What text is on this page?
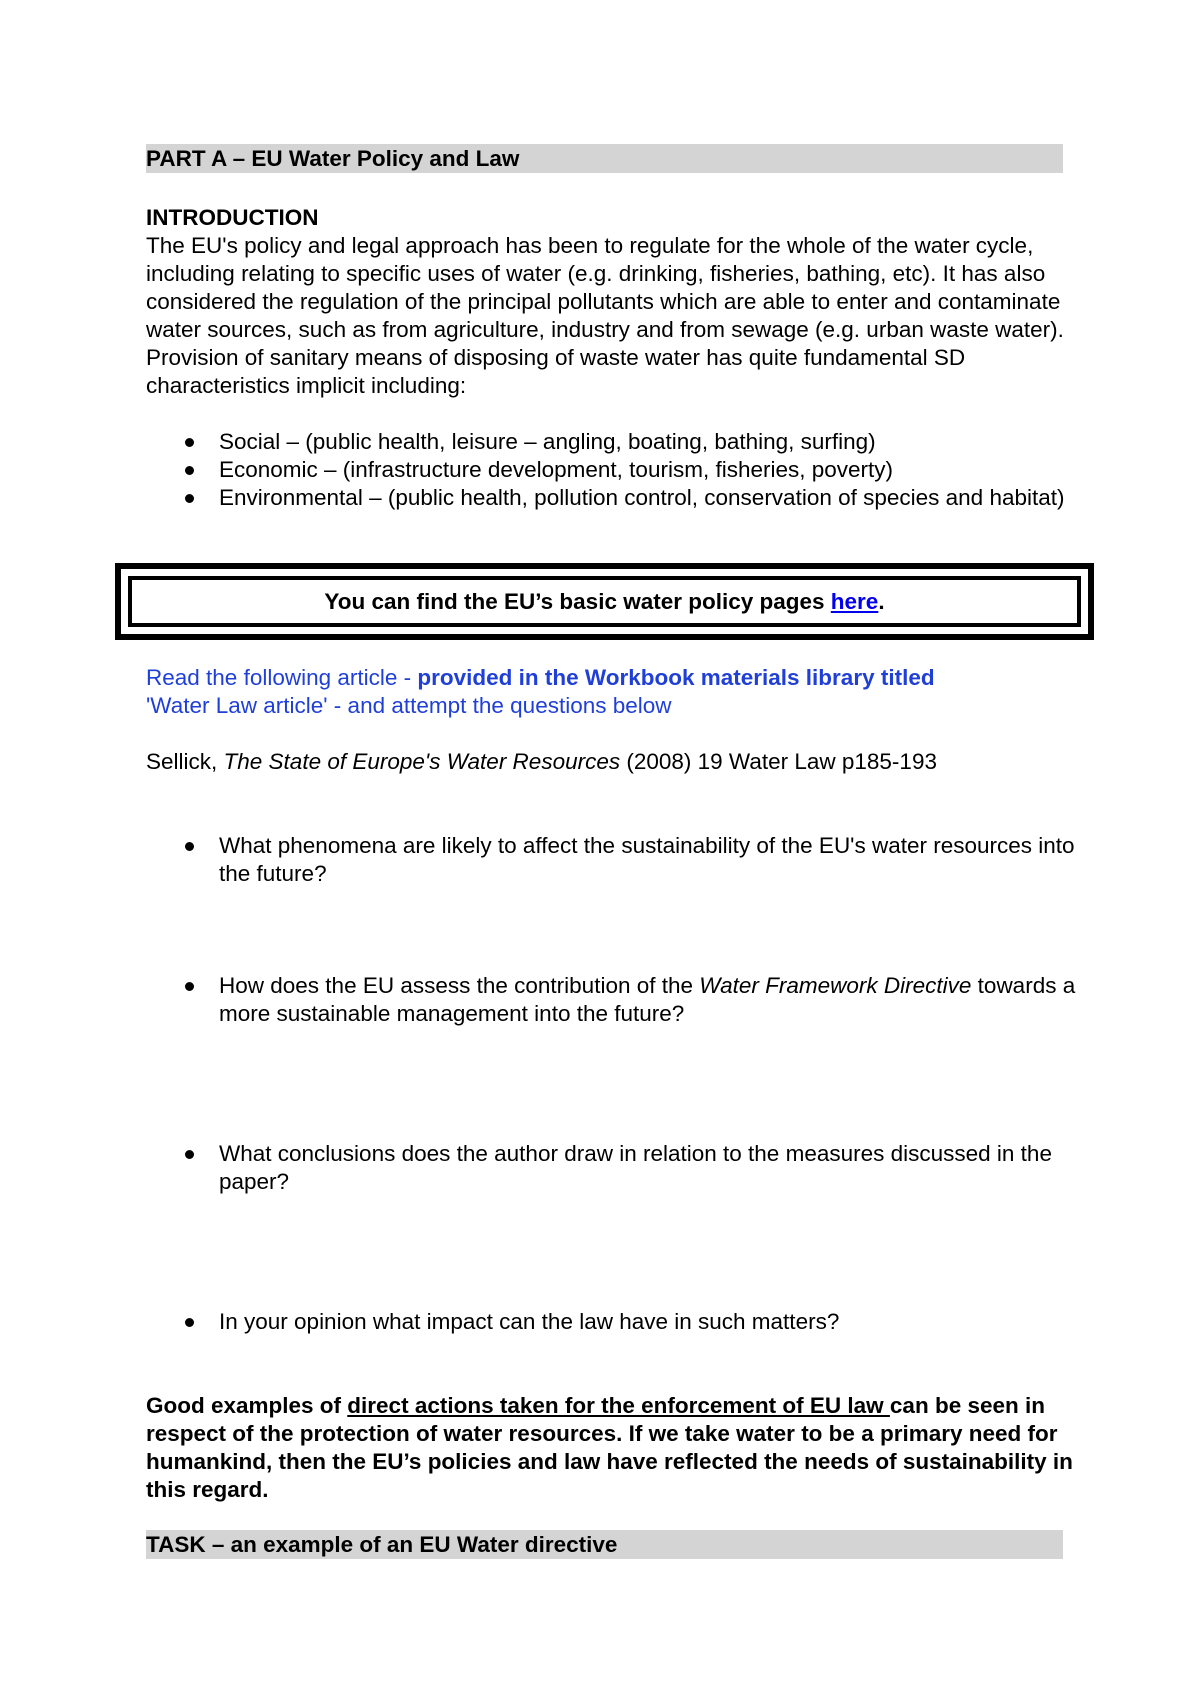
PART A – EU Water Policy and Law
INTRODUCTION
The EU's policy and legal approach has been to regulate for the whole of the water cycle, including relating to specific uses of water (e.g. drinking, fisheries, bathing, etc). It has also considered the regulation of the principal pollutants which are able to enter and contaminate water sources, such as from agriculture, industry and from sewage (e.g. urban waste water). Provision of sanitary means of disposing of waste water has quite fundamental SD characteristics implicit including:
Social – (public health, leisure – angling, boating, bathing, surfing)
Economic – (infrastructure development, tourism, fisheries, poverty)
Environmental – (public health, pollution control, conservation of species and habitat)
You can find the EU’s basic water policy pages here.
Read the following article - provided in the Workbook materials library titled
'Water Law article' - and attempt the questions below
Sellick, The State of Europe's Water Resources (2008) 19 Water Law p185-193
What phenomena are likely to affect the sustainability of the EU's water resources into the future?
How does the EU assess the contribution of the Water Framework Directive towards a more sustainable management into the future?
What conclusions does the author draw in relation to the measures discussed in the paper?
In your opinion what impact can the law have in such matters?
Good examples of direct actions taken for the enforcement of EU law can be seen in respect of the protection of water resources. If we take water to be a primary need for humankind, then the EU’s policies and law have reflected the needs of sustainability in this regard.
TASK – an example of an EU Water directive
